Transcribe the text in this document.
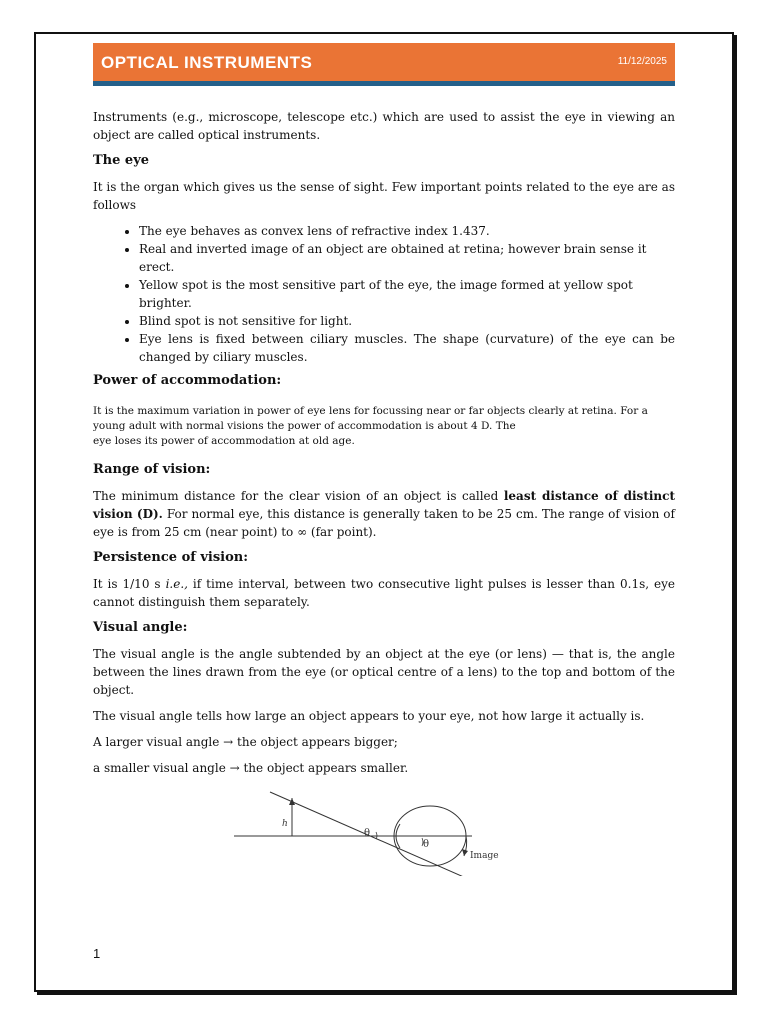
OPTICAL INSTRUMENTS	11/12/2025

Instruments (e.g., microscope, telescope etc.) which are used to assist the eye in viewing an object are called optical instruments.

The eye

It is the organ which gives us the sense of sight. Few important points related to the eye are as follows

• The eye behaves as convex lens of refractive index 1.437.
• Real and inverted image of an object are obtained at retina; however brain sense it erect.
• Yellow spot is the most sensitive part of the eye, the image formed at yellow spot brighter.
• Blind spot is not sensitive for light.
• Eye lens is fixed between ciliary muscles. The shape (curvature) of the eye can be changed by ciliary muscles.

Power of accommodation:

It is the maximum variation in power of eye lens for focussing near or far objects clearly at retina. For a young adult with normal visions the power of accommodation is about 4 D. The

eye loses its power of accommodation at old age.

Range of vision:

The minimum distance for the clear vision of an object is called least distance of distinct vision (D). For normal eye, this distance is generally taken to be 25 cm. The range of vision of eye is from 25 cm (near point) to ∞ (far point).

Persistence of vision:

It is 1/10 s i.e., if time interval, between two consecutive light pulses is lesser than 0.1s, eye cannot distinguish them separately.

Visual angle:

The visual angle is the angle subtended by an object at the eye (or lens) — that is, the angle between the lines drawn from the eye (or optical centre of a lens) to the top and bottom of the object.

The visual angle tells how large an object appears to your eye, not how large it actually is.

A larger visual angle → the object appears bigger;

a smaller visual angle → the object appears smaller.

h
θ
θ
Image
1
